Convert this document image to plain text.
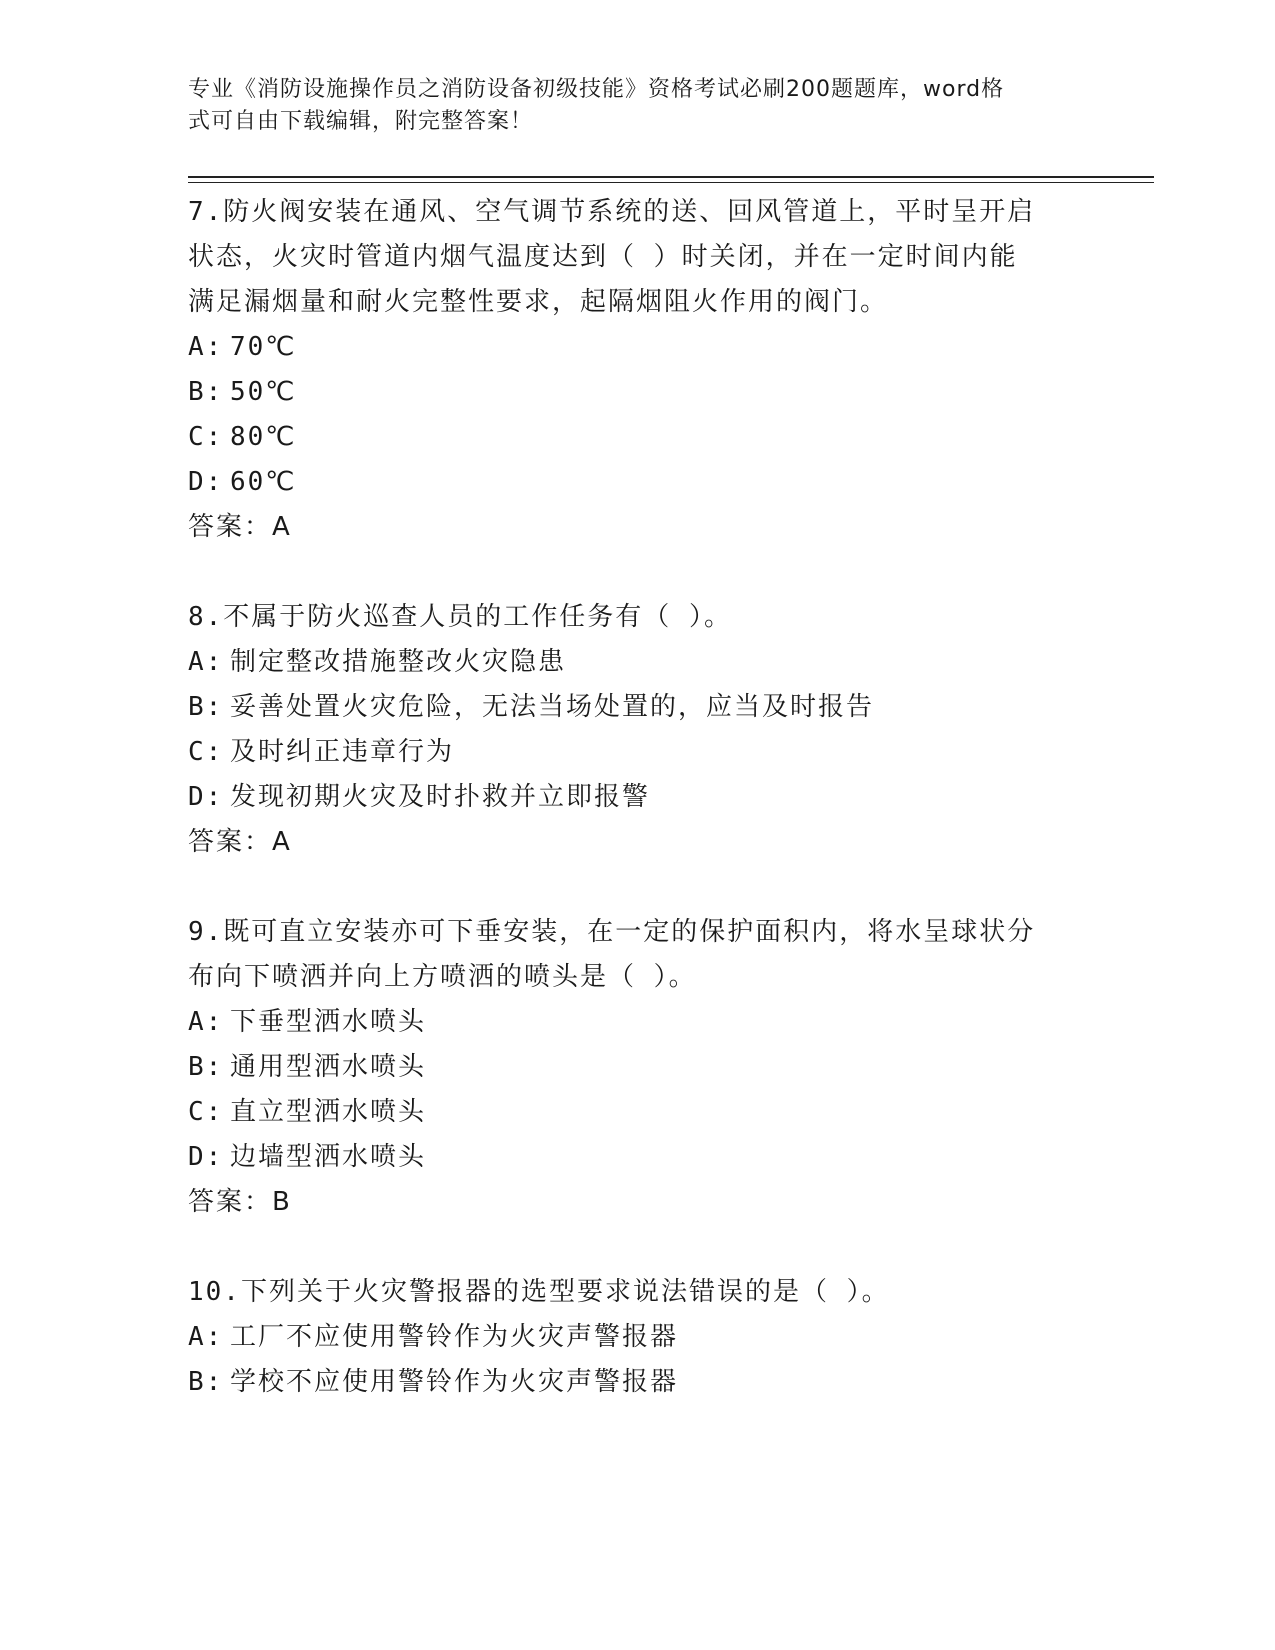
专业《消防设施操作员之消防设备初级技能》资格考试必刷200题题库，word格
式可自由下载编辑，附完整答案！

7.防火阀安装在通风、空气调节系统的送、回风管道上，平时呈开启

状态，火灾时管道内烟气温度达到（ ）时关闭，并在一定时间内能

满足漏烟量和耐火完整性要求，起隔烟阻火作用的阀门。

A: 70℃

B: 50℃

C: 80℃

D: 60℃

答案：A

8.不属于防火巡查人员的工作任务有（ ）。

A: 制定整改措施整改火灾隐患

B: 妥善处置火灾危险，无法当场处置的，应当及时报告

C: 及时纠正违章行为

D: 发现初期火灾及时扑救并立即报警

答案：A

9.既可直立安装亦可下垂安装，在一定的保护面积内，将水呈球状分

布向下喷洒并向上方喷洒的喷头是（ ）。

A: 下垂型洒水喷头

B: 通用型洒水喷头

C: 直立型洒水喷头

D: 边墙型洒水喷头

答案：B

10.下列关于火灾警报器的选型要求说法错误的是（ ）。

A: 工厂不应使用警铃作为火灾声警报器

B: 学校不应使用警铃作为火灾声警报器
